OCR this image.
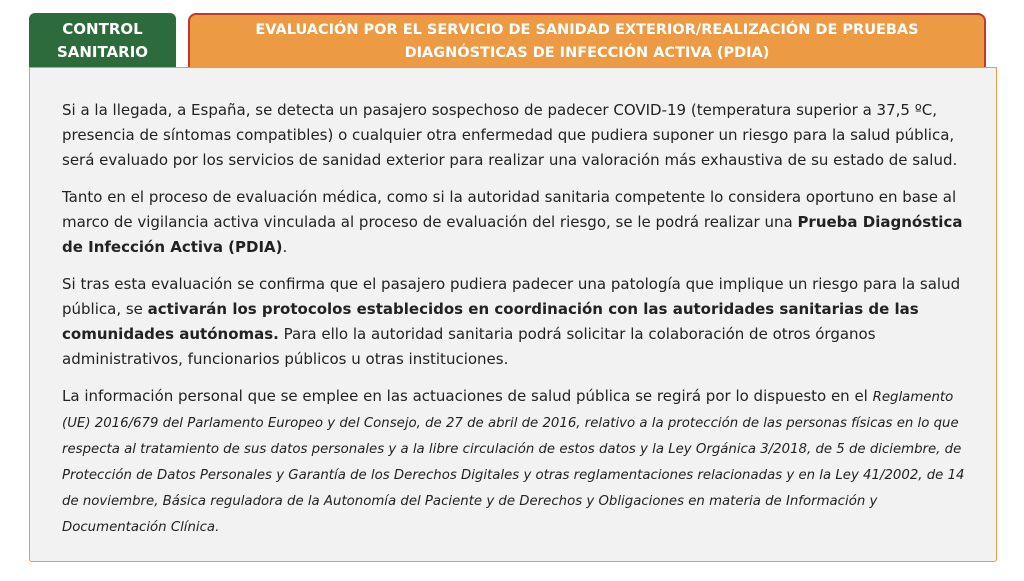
CONTROL SANITARIO
EVALUACIÓN POR EL SERVICIO DE SANIDAD EXTERIOR/REALIZACIÓN DE PRUEBAS DIAGNÓSTICAS DE INFECCIÓN ACTIVA (PDIA)

Si a la llegada, a España, se detecta un pasajero sospechoso de padecer COVID-19 (temperatura superior a 37,5 ºC, presencia de síntomas compatibles) o cualquier otra enfermedad que pudiera suponer un riesgo para la salud pública, será evaluado por los servicios de sanidad exterior para realizar una valoración más exhaustiva de su estado de salud.

Tanto en el proceso de evaluación médica, como si la autoridad sanitaria competente lo considera oportuno en base al marco de vigilancia activa vinculada al proceso de evaluación del riesgo, se le podrá realizar una Prueba Diagnóstica de Infección Activa (PDIA).

Si tras esta evaluación se confirma que el pasajero pudiera padecer una patología que implique un riesgo para la salud pública, se activarán los protocolos establecidos en coordinación con las autoridades sanitarias de las comunidades autónomas. Para ello la autoridad sanitaria podrá solicitar la colaboración de otros órganos administrativos, funcionarios públicos u otras instituciones.

La información personal que se emplee en las actuaciones de salud pública se regirá por lo dispuesto en el Reglamento (UE) 2016/679 del Parlamento Europeo y del Consejo, de 27 de abril de 2016, relativo a la protección de las personas físicas en lo que respecta al tratamiento de sus datos personales y a la libre circulación de estos datos y la Ley Orgánica 3/2018, de 5 de diciembre, de Protección de Datos Personales y Garantía de los Derechos Digitales y otras reglamentaciones relacionadas y en la Ley 41/2002, de 14 de noviembre, Básica reguladora de la Autonomía del Paciente y de Derechos y Obligaciones en materia de Información y Documentación Clínica.
